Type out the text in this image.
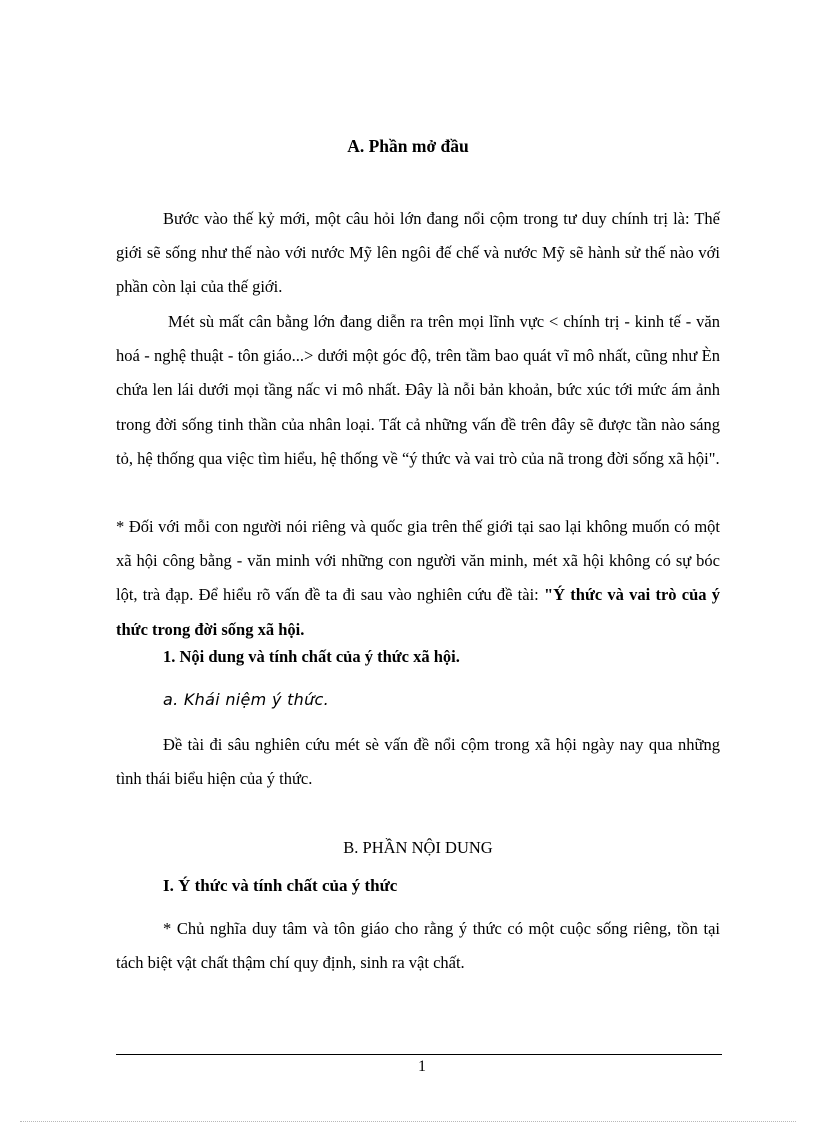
A. Phần mở đầu

Bước vào thế kỷ mới, một câu hỏi lớn đang nổi cộm trong tư duy chính trị là: Thế giới sẽ sống như thế nào với nước Mỹ lên ngôi đế chế và nước Mỹ sẽ hành sử thế nào với phần còn lại của thế giới.

Mét sù mất cân bằng lớn đang diễn ra trên mọi lĩnh vực < chính trị - kinh tế - văn hoá - nghệ thuật - tôn giáo...> dưới một góc độ, trên tầm bao quát vĩ mô nhất, cũng như Èn chứa len lái dưới mọi tầng nấc vi mô nhất. Đây là nỗi bản khoản, bức xúc tới mức ám ảnh trong đời sống tinh thần của nhân loại. Tất cả những vấn đề trên đây sẽ được tần nào sáng tỏ, hệ thống qua việc tìm hiểu, hệ thống về “ý thức và vai trò của nã trong đời sống xã hội".

* Đối với mỗi con người nói riêng và quốc gia trên thế giới tại sao lại không muốn có một xã hội công bằng - văn minh với những con người văn minh, mét xã hội không có sự bóc lột, trà đạp. Để hiểu rõ vấn đề ta đi sau vào nghiên cứu đề tài: "Ý thức và vai trò của ý thức trong đời sống xã hội.

1. Nội dung và tính chất của ý thức xã hội.
a. Khái niệm ý thức.

Đề tài đi sâu nghiên cứu mét sè vấn đề nổi cộm trong xã hội ngày nay qua những tình thái biểu hiện của ý thức.

B. PHẦN NỘI DUNG
I. Ý thức và tính chất của ý thức

* Chủ nghĩa duy tâm và tôn giáo cho rằng ý thức có một cuộc sống riêng, tồn tại tách biệt vật chất thậm chí quy định, sinh ra vật chất.

1
